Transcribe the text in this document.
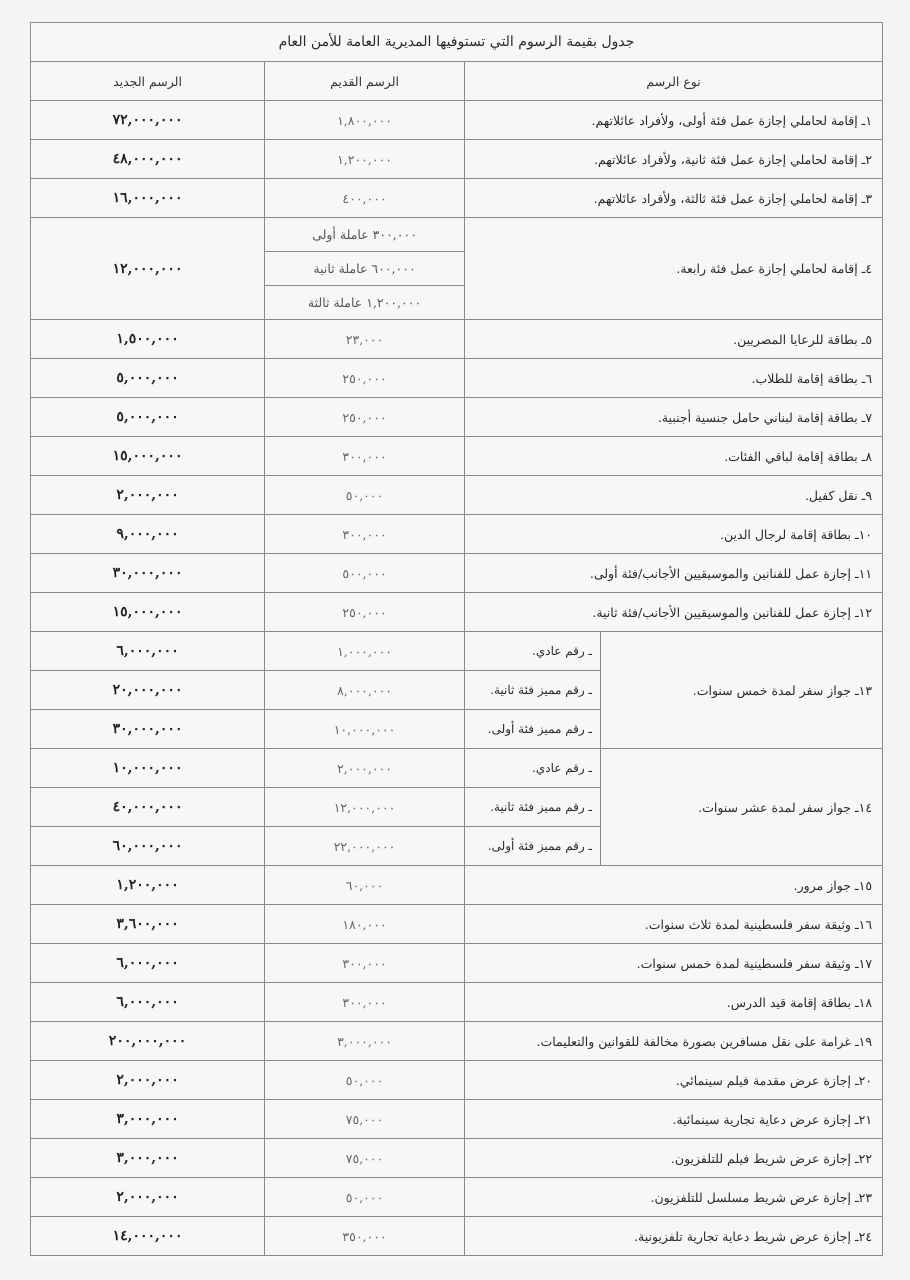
جدول بقيمة الرسوم التي تستوفيها المديرية العامة للأمن العام			
نوع الرسم		الرسم القديم	الرسم الجديد
١ـ إقامة لحاملي إجازة عمل فئة أولى، ولأفراد عائلاتهم.		١,٨٠٠,٠٠٠	٧٢,٠٠٠,٠٠٠
٢ـ إقامة لحاملي إجازة عمل فئة ثانية، ولأفراد عائلاتهم.		١,٢٠٠,٠٠٠	٤٨,٠٠٠,٠٠٠
٣ـ إقامة لحاملي إجازة عمل فئة ثالثة، ولأفراد عائلاتهم.		٤٠٠,٠٠٠	١٦,٠٠٠,٠٠٠
٤ـ إقامة لحاملي إجازة عمل فئة رابعة.		٣٠٠,٠٠٠ عاملة أولى	١٢,٠٠٠,٠٠٠
		٦٠٠,٠٠٠ عاملة ثانية	
		١,٢٠٠,٠٠٠ عاملة ثالثة	
٥ـ بطاقة للرعايا المصريين.		٢٣,٠٠٠	١,٥٠٠,٠٠٠
٦ـ بطاقة إقامة للطلاب.		٢٥٠,٠٠٠	٥,٠٠٠,٠٠٠
٧ـ بطاقة إقامة لبناني حامل جنسية أجنبية.		٢٥٠,٠٠٠	٥,٠٠٠,٠٠٠
٨ـ بطاقة إقامة لباقي الفئات.		٣٠٠,٠٠٠	١٥,٠٠٠,٠٠٠
٩ـ نقل كفيل.		٥٠,٠٠٠	٢,٠٠٠,٠٠٠
١٠ـ بطاقة إقامة لرجال الدين.		٣٠٠,٠٠٠	٩,٠٠٠,٠٠٠
١١ـ إجازة عمل للفنانين والموسيقيين الأجانب/فئة أولى.		٥٠٠,٠٠٠	٣٠,٠٠٠,٠٠٠
١٢ـ إجازة عمل للفنانين والموسيقيين الأجانب/فئة ثانية.		٢٥٠,٠٠٠	١٥,٠٠٠,٠٠٠
١٣ـ جواز سفر لمدة خمس سنوات.	ـ رقم عادي.	١,٠٠٠,٠٠٠	٦,٠٠٠,٠٠٠
	ـ رقم مميز فئة ثانية.	٨,٠٠٠,٠٠٠	٢٠,٠٠٠,٠٠٠
	ـ رقم مميز فئة أولى.	١٠,٠٠٠,٠٠٠	٣٠,٠٠٠,٠٠٠
١٤ـ جواز سفر لمدة عشر سنوات.	ـ رقم عادي.	٢,٠٠٠,٠٠٠	١٠,٠٠٠,٠٠٠
	ـ رقم مميز فئة ثانية.	١٢,٠٠٠,٠٠٠	٤٠,٠٠٠,٠٠٠
	ـ رقم مميز فئة أولى.	٢٢,٠٠٠,٠٠٠	٦٠,٠٠٠,٠٠٠
١٥ـ جواز مرور.		٦٠,٠٠٠	١,٢٠٠,٠٠٠
١٦ـ وثيقة سفر فلسطينية لمدة ثلاث سنوات.		١٨٠,٠٠٠	٣,٦٠٠,٠٠٠
١٧ـ وثيقة سفر فلسطينية لمدة خمس سنوات.		٣٠٠,٠٠٠	٦,٠٠٠,٠٠٠
١٨ـ بطاقة إقامة قيد الدرس.		٣٠٠,٠٠٠	٦,٠٠٠,٠٠٠
١٩ـ غرامة على نقل مسافرين بصورة مخالفة للقوانين والتعليمات.		٣,٠٠٠,٠٠٠	٢٠٠,٠٠٠,٠٠٠
٢٠ـ إجازة عرض مقدمة فيلم سينمائي.		٥٠,٠٠٠	٢,٠٠٠,٠٠٠
٢١ـ إجازة عرض دعاية تجارية سينمائية.		٧٥,٠٠٠	٣,٠٠٠,٠٠٠
٢٢ـ إجازة عرض شريط فيلم للتلفزيون.		٧٥,٠٠٠	٣,٠٠٠,٠٠٠
٢٣ـ إجازة عرض شريط مسلسل للتلفزيون.		٥٠,٠٠٠	٢,٠٠٠,٠٠٠
٢٤ـ إجازة عرض شريط دعاية تجارية تلفزيونية.		٣٥٠,٠٠٠	١٤,٠٠٠,٠٠٠
